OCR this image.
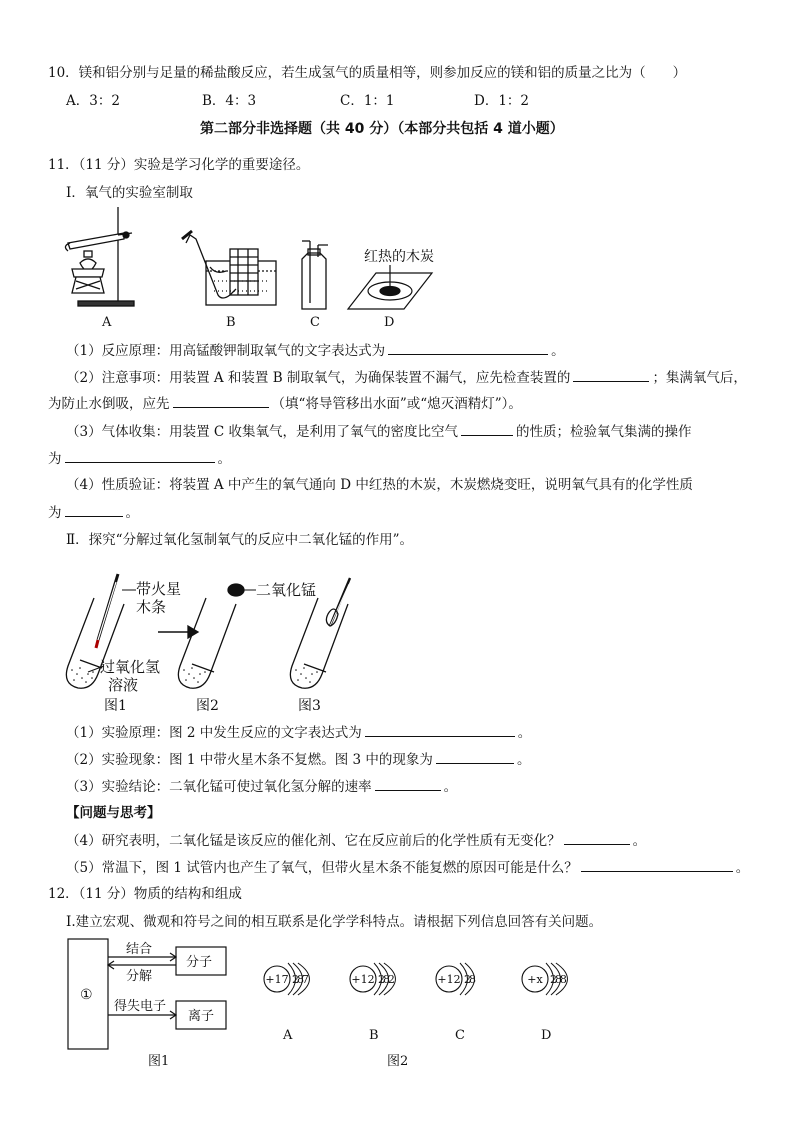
10．镁和铝分别与足量的稀盐酸反应，若生成氢气的质量相等，则参加反应的镁和铝的质量之比为（　　）
A．3：2	B．4：3	C．1：1	D．1：2
第二部分非选择题（共 40 分）（本部分共包括 4 道小题）
11．（11 分）实验是学习化学的重要途径。
Ⅰ．氧气的实验室制取
A	B	C
红热的木炭
D
（1）反应原理：用高锰酸钾制取氧气的文字表达式为	。
（2）注意事项：用装置 A 和装置 B 制取氧气，为确保装置不漏气，应先检查装置的	；集满氧气后，
为防止水倒吸，应先	（填“将导管移出水面”或“熄灭酒精灯”）。
（3）气体收集：用装置 C 收集氧气，是利用了氧气的密度比空气	的性质；检验氧气集满的操作
为	。
（4）性质验证：将装置 A 中产生的氧气通向 D 中红热的木炭，木炭燃烧变旺，说明氧气具有的化学性质
为	。
Ⅱ．探究“分解过氧化氢制氧气的反应中二氧化锰的作用”。
带火星
木条
二氧化锰
过氧化氢
溶液
图1	图2	图3
（1）实验原理：图 2 中发生反应的文字表达式为	。
（2）实验现象：图 1 中带火星木条不复燃。图 3 中的现象为	。
（3）实验结论：二氧化锰可使过氧化氢分解的速率	。
【问题与思考】
（4）研究表明，二氧化锰是该反应的催化剂、它在反应前后的化学性质有无变化？	。
（5）常温下，图 1 试管内也产生了氧气，但带火星木条不能复燃的原因可能是什么？	。
12．（11 分）物质的结构和组成
Ⅰ.建立宏观、微观和符号之间的相互联系是化学学科特点。请根据下列信息回答有关问题。
①
结合
分解
分子
得失电子
离子
图1
+17 2
8
7
A
+12 2
8
2
B
+12 2
8
C
+x 2
8
8
D
图2
